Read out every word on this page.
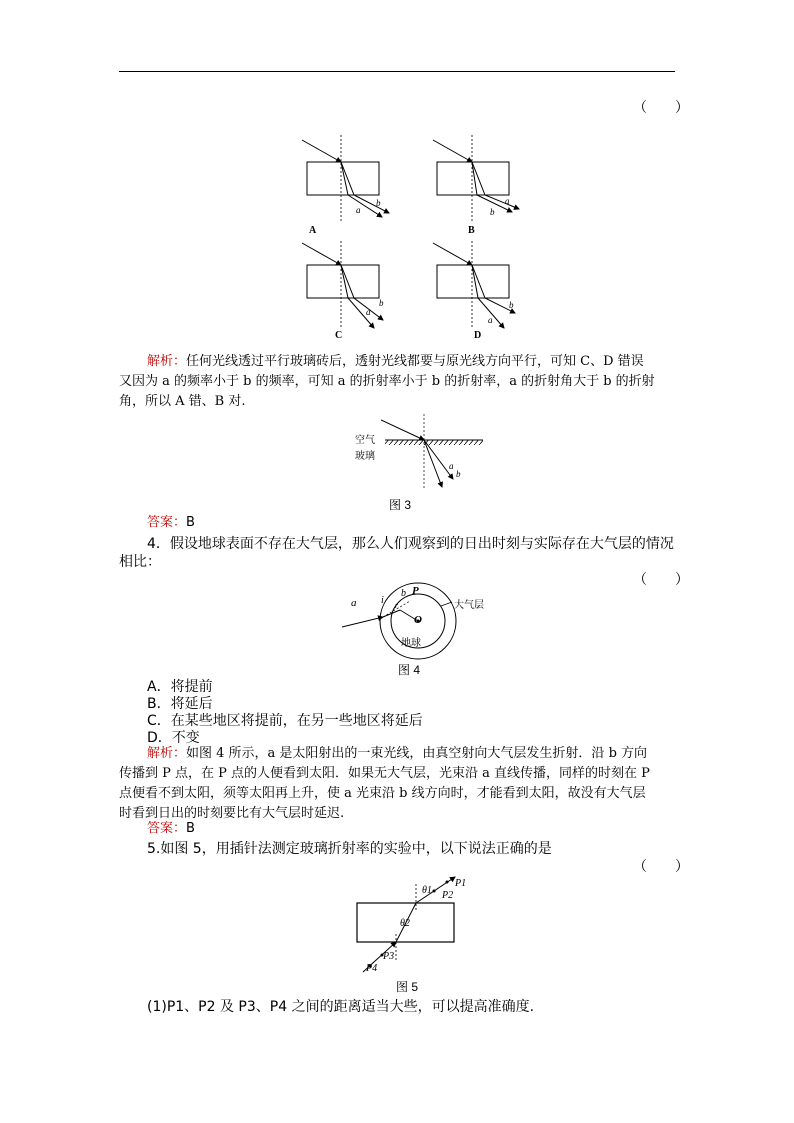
（　　）
a
b	a
b
A	B
a
b
a
b
C	D
解析：任何光线透过平行玻璃砖后，透射光线都要与原光线方向平行，可知 C、D 错误
又因为 a 的频率小于 b 的频率，可知 a 的折射率小于 b 的折射率，a 的折射角大于 b 的折射
角，所以 A 错、B 对.
a
b
空气
玻璃
图 3
答案：B
4．假设地球表面不存在大气层，那么人们观察到的日出时刻与实际存在大气层的情况
相比：
（　　）
a i
b P
r
O
大气层
地球
图 4
A．将提前
B．将延后
C．在某些地区将提前，在另一些地区将延后
D．不变
解析：如图 4 所示，a 是太阳射出的一束光线，由真空射向大气层发生折射．沿 b 方向
传播到 P 点，在 P 点的人便看到太阳．如果无大气层，光束沿 a 直线传播，同样的时刻在 P
点便看不到太阳，须等太阳再上升，使 a 光束沿 b 线方向时，才能看到太阳，故没有大气层
时看到日出的时刻要比有大气层时延迟.
答案：B
5.如图 5，用插针法测定玻璃折射率的实验中，以下说法正确的是
（　　）
P1
P2
θ1
θ2
P3
P4
图 5
(1)P1、P2 及 P3、P4 之间的距离适当大些，可以提高准确度.
